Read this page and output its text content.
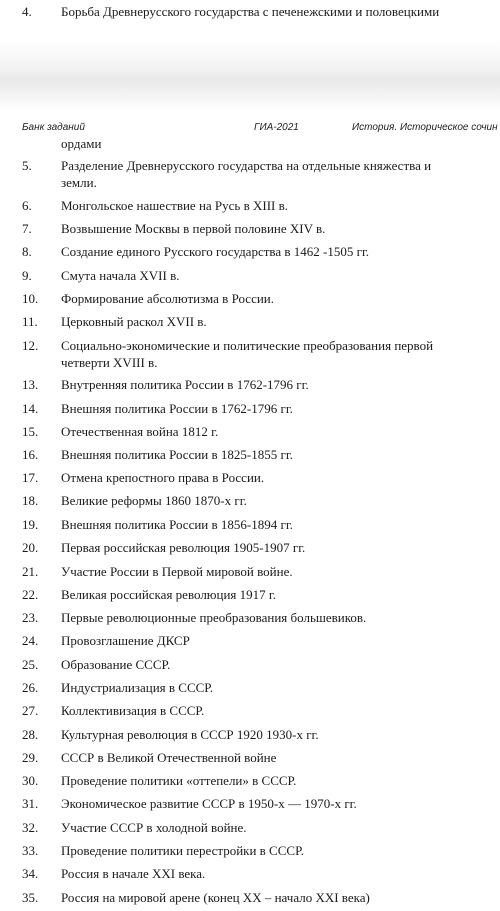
Банк заданий	ГИА-2021	История. Историческое сочин
4.	Борьба Древнерусского государства с печенежскими и половецкими
ордами
5.	Разделение Древнерусского государства на отдельные княжества и
земли.
6.	Монгольское нашествие на Русь в XIII в.
7.	Возвышение Москвы в первой половине XIV в.
8.	Создание единого Русского государства в 1462 -1505 гг.
9.	Смута начала XVII в.
10.	Формирование абсолютизма в России.
11.	Церковный раскол XVII в.
12.	Социально-экономические и политические преобразования первой
четверти XVIII в.
13.	Внутренняя политика России в 1762-1796 гг.
14.	Внешняя политика России в 1762-1796 гг.
15.	Отечественная война 1812 г.
16.	Внешняя политика России в 1825-1855 гг.
17.	Отмена крепостного права в России.
18.	Великие реформы 1860 1870-х гг.
19.	Внешняя политика России в 1856-1894 гг.
20.	Первая российская революция 1905-1907 гг.
21.	Участие России в Первой мировой войне.
22.	Великая российская революция 1917 г.
23.	Первые революционные преобразования большевиков.
24.	Провозглашение ДКСР
25.	Образование СССР.
26.	Индустриализация в СССР.
27.	Коллективизация в СССР.
28.	Культурная революция в СССР 1920 1930-х гг.
29.	СССР в Великой Отечественной войне
30.	Проведение политики «оттепели» в СССР.
31.	Экономическое развитие СССР в 1950-х — 1970-х гг.
32.	Участие СССР в холодной войне.
33.	Проведение политики перестройки в СССР.
34.	Россия в начале XXI века.
35.	Россия на мировой арене (конец XX – начало XXI века)
